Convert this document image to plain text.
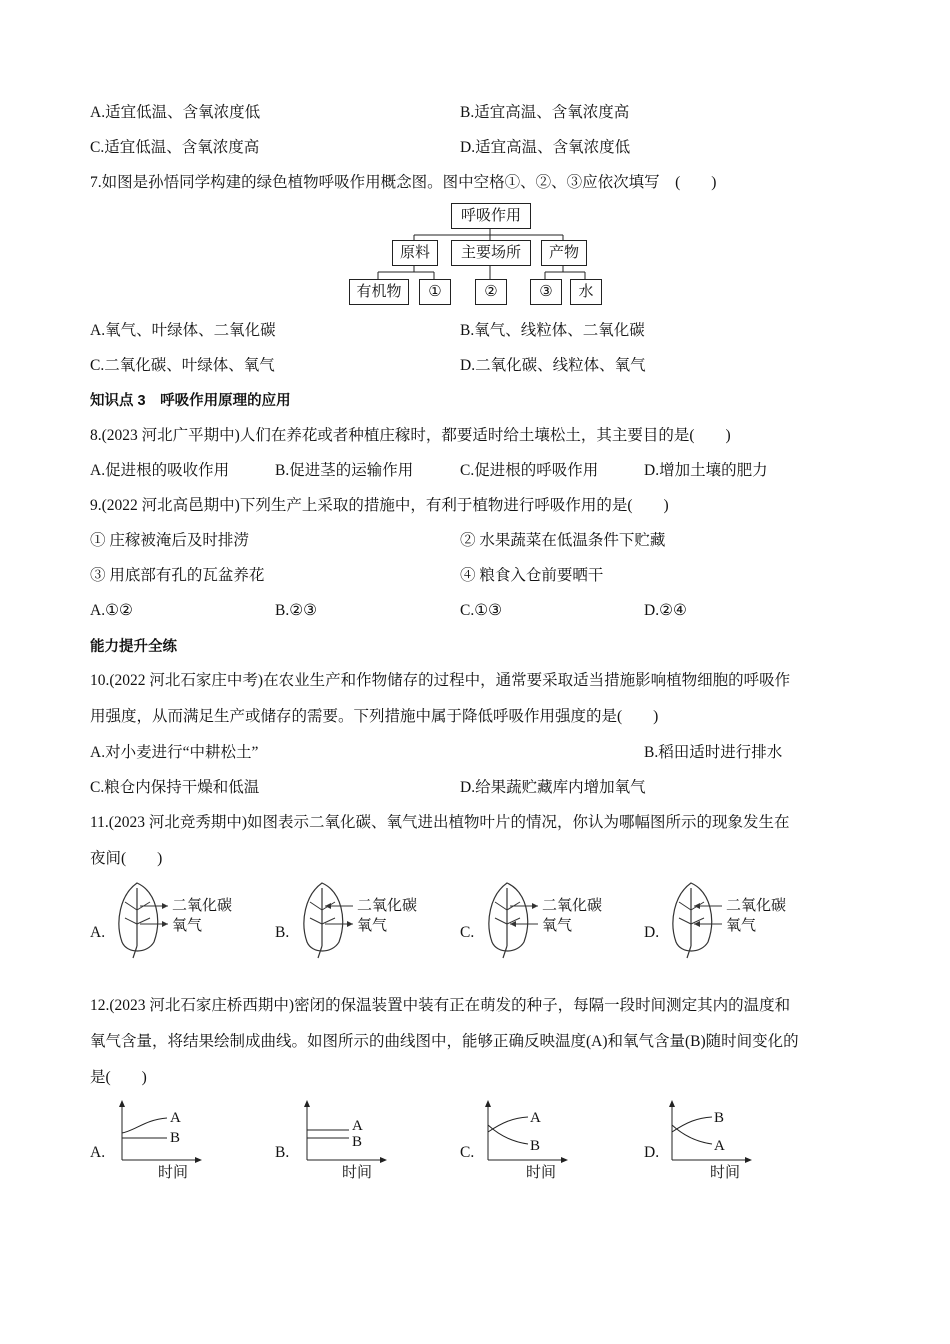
A.适宜低温、含氧浓度低	B.适宜高温、含氧浓度高
C.适宜低温、含氧浓度高	D.适宜高温、含氧浓度低
7.如图是孙悟同学构建的绿色植物呼吸作用概念图。图中空格①、②、③应依次填写　(　　)
呼吸作用
原料	主要场所	产物
有机物	①	②	③	水
A.氧气、叶绿体、二氧化碳	B.氧气、线粒体、二氧化碳
C.二氧化碳、叶绿体、氧气	D.二氧化碳、线粒体、氧气
知识点 3　呼吸作用原理的应用
8.(2023 河北广平期中)人们在养花或者种植庄稼时，都要适时给土壤松土，其主要目的是(　　)
A.促进根的吸收作用	B.促进茎的运输作用	C.促进根的呼吸作用	D.增加土壤的肥力
9.(2022 河北高邑期中)下列生产上采取的措施中，有利于植物进行呼吸作用的是(　　)
① 庄稼被淹后及时排涝	② 水果蔬菜在低温条件下贮藏
③ 用底部有孔的瓦盆养花	④ 粮食入仓前要晒干
A.①②	B.②③	C.①③	D.②④
能力提升全练
10.(2022 河北石家庄中考)在农业生产和作物储存的过程中，通常要采取适当措施影响植物细胞的呼吸作
用强度，从而满足生产或储存的需要。下列措施中属于降低呼吸作用强度的是(　　)
A.对小麦进行“中耕松土”	B.稻田适时进行排水
C.粮仓内保持干燥和低温	D.给果蔬贮藏库内增加氧气
11.(2023 河北竞秀期中)如图表示二氧化碳、氧气进出植物叶片的情况，你认为哪幅图所示的现象发生在
夜间(　　)
A.
二氧化碳
氧气	B.
二氧化碳
氧气	C.
二氧化碳
氧气	D.
二氧化碳
氧气
12.(2023 河北石家庄桥西期中)密闭的保温装置中装有正在萌发的种子，每隔一段时间测定其内的温度和
氧气含量，将结果绘制成曲线。如图所示的曲线图中，能够正确反映温度(A)和氧气含量(B)随时间变化的
是(　　)
A.
A
B
时间
B.
A
B
时间
C.
A
B
时间
D.
B
A
时间
